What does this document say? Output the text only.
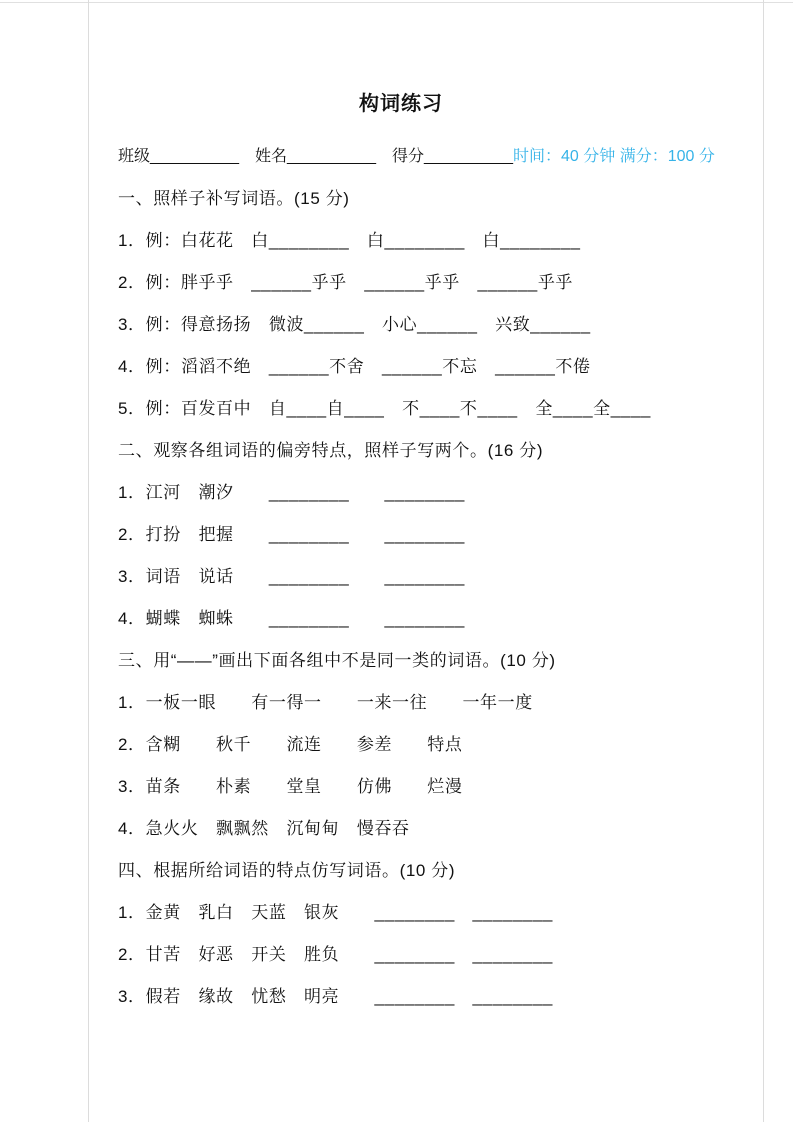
构词练习
班级__________ 姓名__________ 得分__________ 时间：40 分钟 满分：100 分
一、照样子补写词语。(15 分)
1．例：白花花　白________　白________　白________
2．例：胖乎乎　______乎乎　______乎乎　______乎乎
3．例：得意扬扬　微波______　小心______　兴致______
4．例：滔滔不绝　______不舍　______不忘　______不倦
5．例：百发百中　自____自____　不____不____　全____全____
二、观察各组词语的偏旁特点，照样子写两个。(16 分)
1．江河　潮汐　　________　　________
2．打扮　把握　　________　　________
3．词语　说话　　________　　________
4．蝴蝶　蜘蛛　　________　　________
三、用“——”画出下面各组中不是同一类的词语。(10 分)
1．一板一眼　　有一得一　　一来一往　　一年一度
2．含糊　　秋千　　流连　　参差　　特点
3．苗条　　朴素　　堂皇　　仿佛　　烂漫
4．急火火　飘飘然　沉甸甸　慢吞吞
四、根据所给词语的特点仿写词语。(10 分)
1．金黄　乳白　天蓝　银灰　　________　________
2．甘苦　好恶　开关　胜负　　________　________
3．假若　缘故　忧愁　明亮　　________　________
